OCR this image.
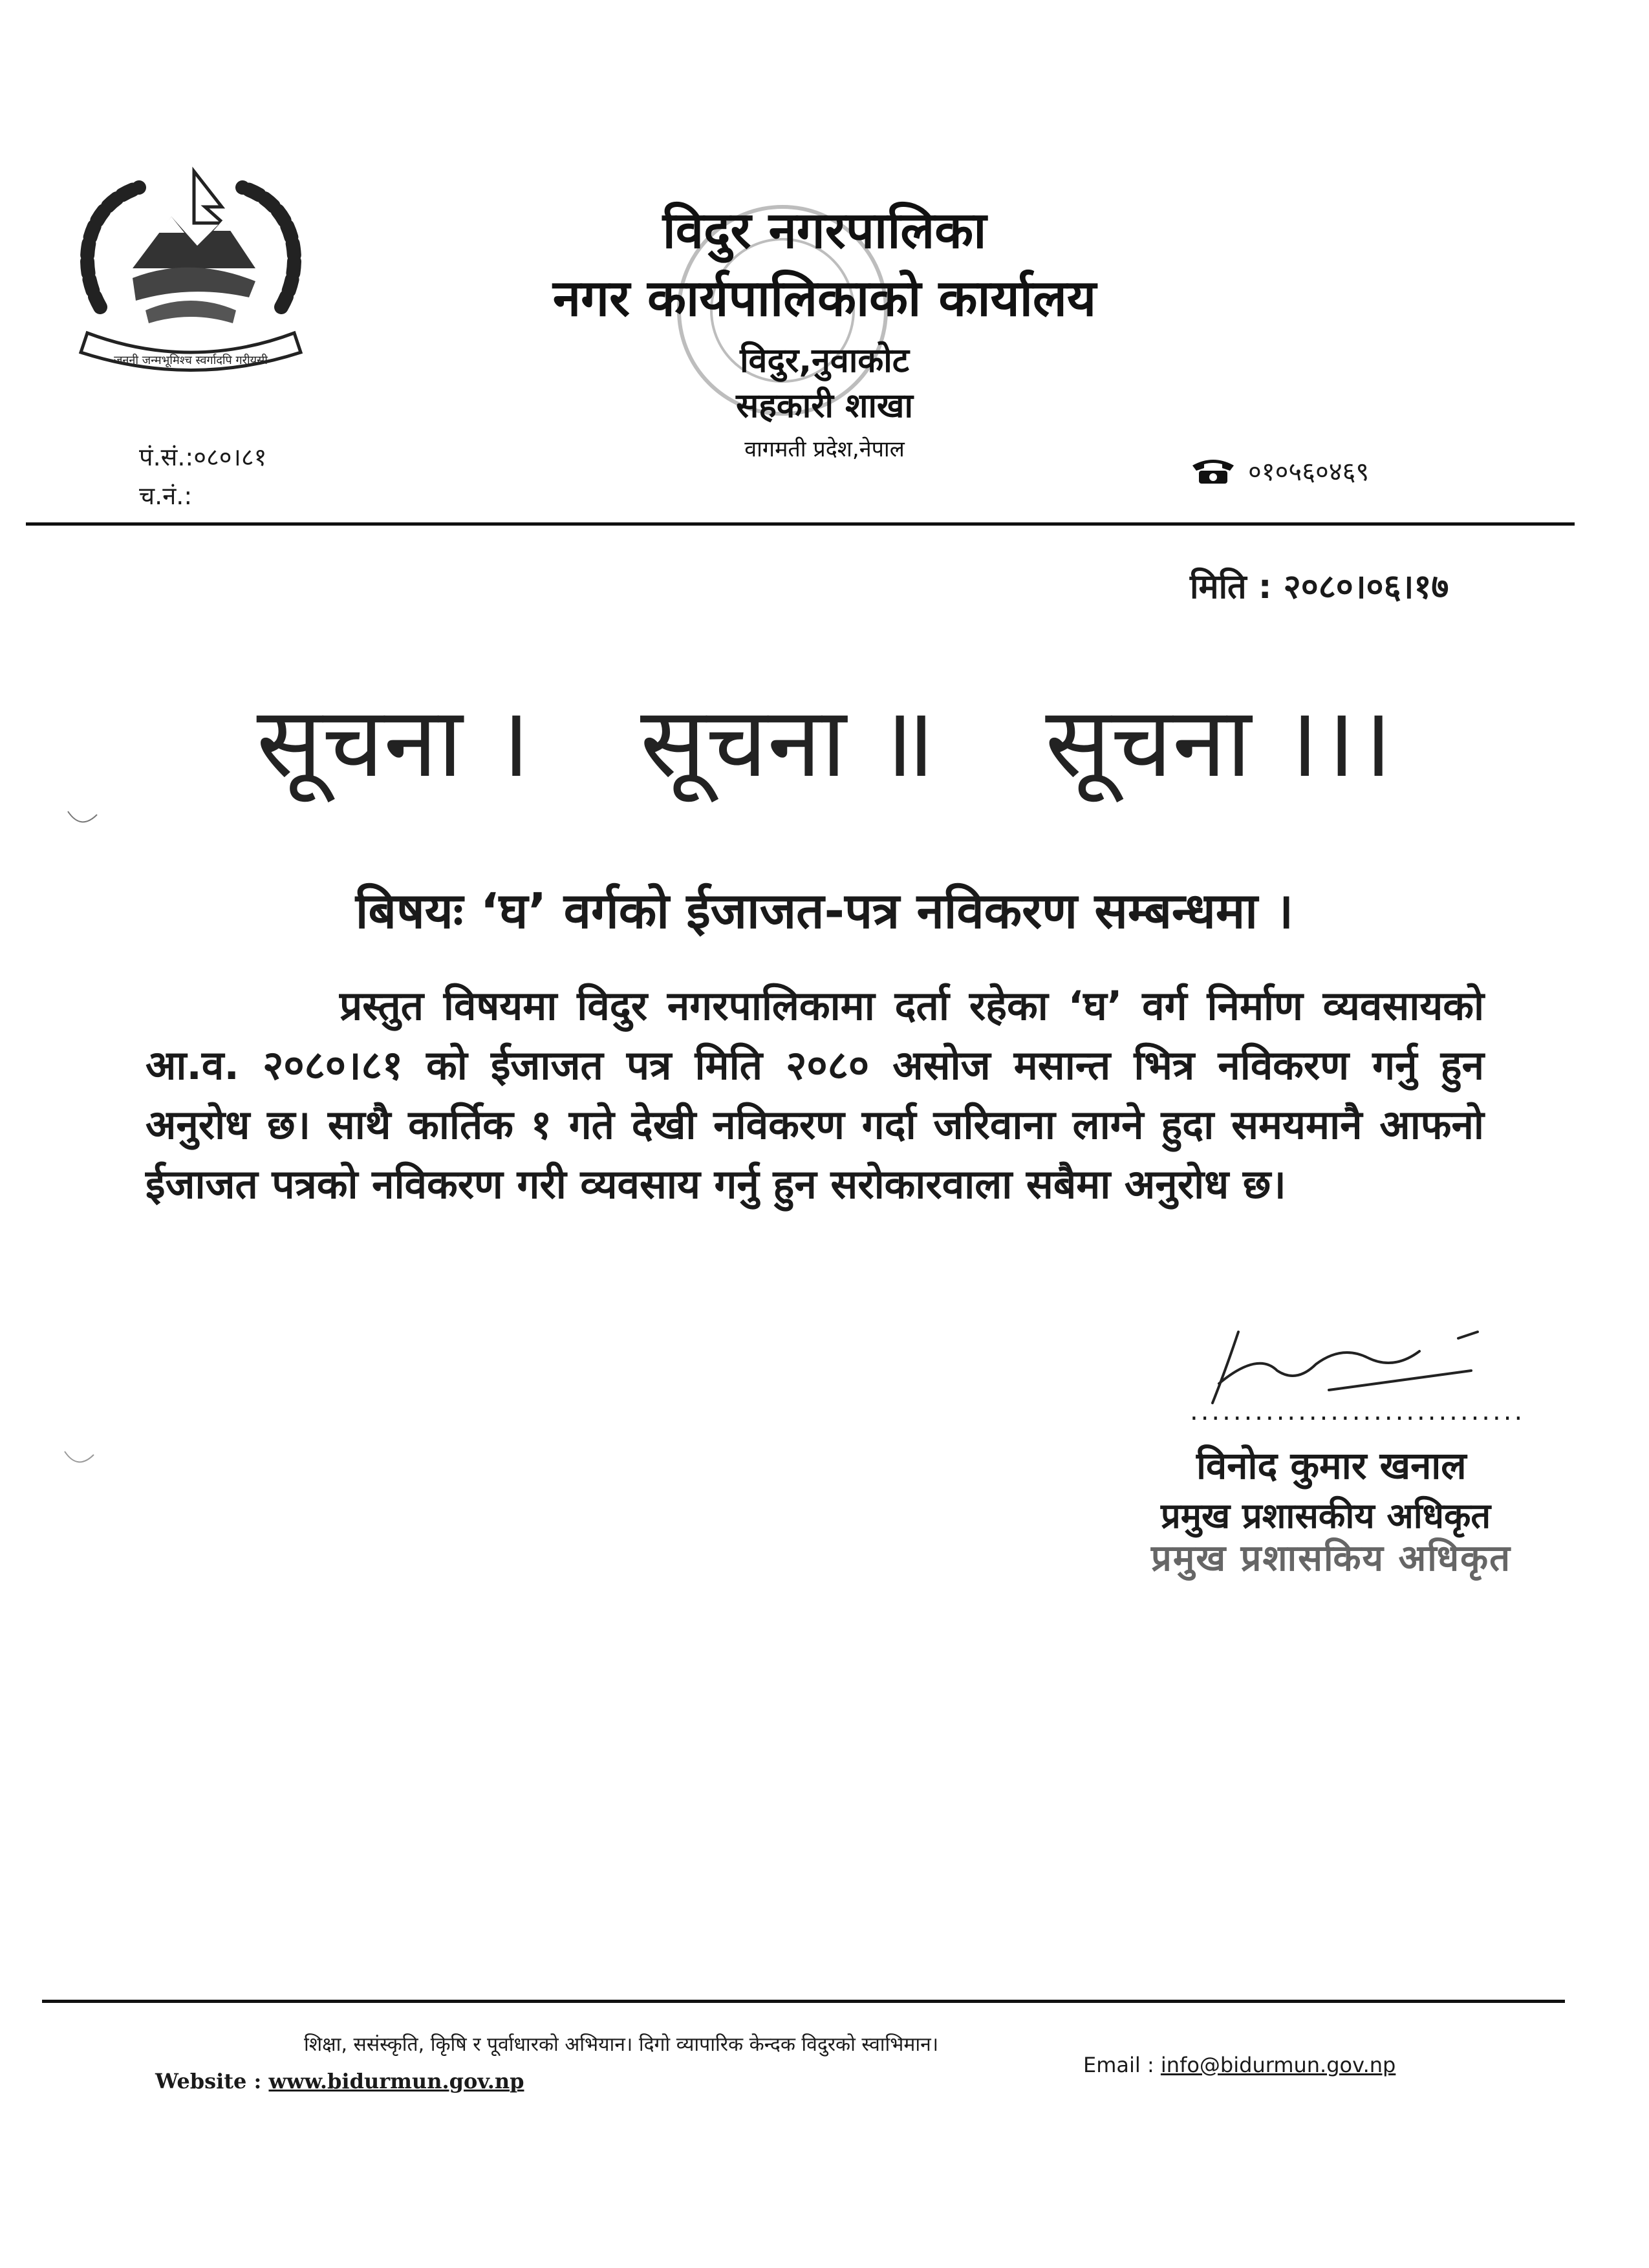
जननी जन्मभूमिश्च स्वर्गादपि गरीयसी
विदुर नगरपालिका
नगर कार्यपालिकाको कार्यालय
विदुर,नुवाकोट
सहकारी शाखा
वागमती प्रदेश,नेपाल
पं.सं.:०८०।८१
च.नं.:
०१०५६०४६९
मिति : २०८०।०६।१७
सूचना । सूचना ॥ सूचना ।।।
बिषयः ‘घ’ वर्गको ईजाजत-पत्र नविकरण सम्बन्धमा ।
प्रस्तुत विषयमा विदुर नगरपालिकामा दर्ता रहेका ‘घ’ वर्ग निर्माण व्यवसायको आ.व. २०८०।८१ को ईजाजत पत्र मिति २०८० असोज मसान्त भित्र नविकरण गर्नु हुन अनुरोध छ। साथै कार्तिक १ गते देखी नविकरण गर्दा जरिवाना लाग्ने हुदा समयमानै आफनो ईजाजत पत्रको नविकरण गरी व्यवसाय गर्नु हुन सरोकारवाला सबैमा अनुरोध छ।
...............................
विनोद कुमार खनाल
प्रमुख प्रशासकीय अधिकृत
प्रमुख प्रशासकिय अधिकृत
शिक्षा, ससंस्कृति, किृषि र पूर्वाधारको अभियान। दिगो व्यापारिक केन्दक विदुरको स्वाभिमान।
Website : www.bidurmun.gov.np
Email : info@bidurmun.gov.np
